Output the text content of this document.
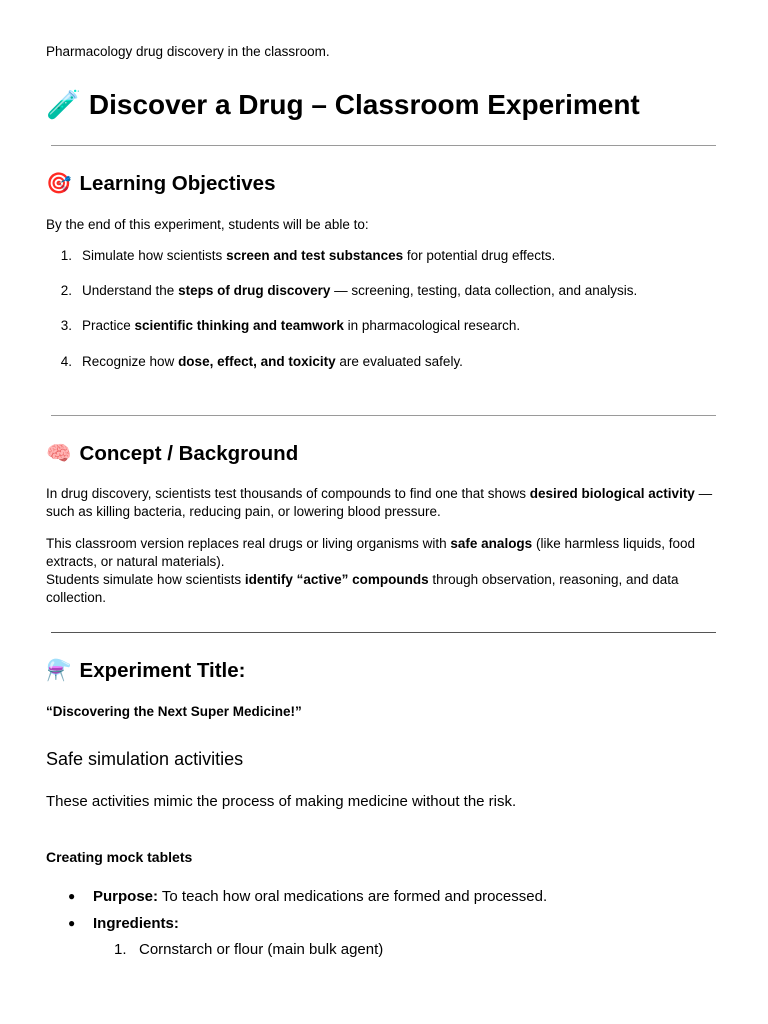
Pharmacology drug discovery in the classroom.
🧪 Discover a Drug – Classroom Experiment
🎯 Learning Objectives
By the end of this experiment, students will be able to:
1. Simulate how scientists screen and test substances for potential drug effects.
2. Understand the steps of drug discovery — screening, testing, data collection, and analysis.
3. Practice scientific thinking and teamwork in pharmacological research.
4. Recognize how dose, effect, and toxicity are evaluated safely.
🧠 Concept / Background
In drug discovery, scientists test thousands of compounds to find one that shows desired biological activity — such as killing bacteria, reducing pain, or lowering blood pressure.
This classroom version replaces real drugs or living organisms with safe analogs (like harmless liquids, food extracts, or natural materials).
Students simulate how scientists identify “active” compounds through observation, reasoning, and data collection.
⚗️ Experiment Title:
“Discovering the Next Super Medicine!”
Safe simulation activities
These activities mimic the process of making medicine without the risk.
Creating mock tablets
● Purpose: To teach how oral medications are formed and processed.
● Ingredients:
1. Cornstarch or flour (main bulk agent)
